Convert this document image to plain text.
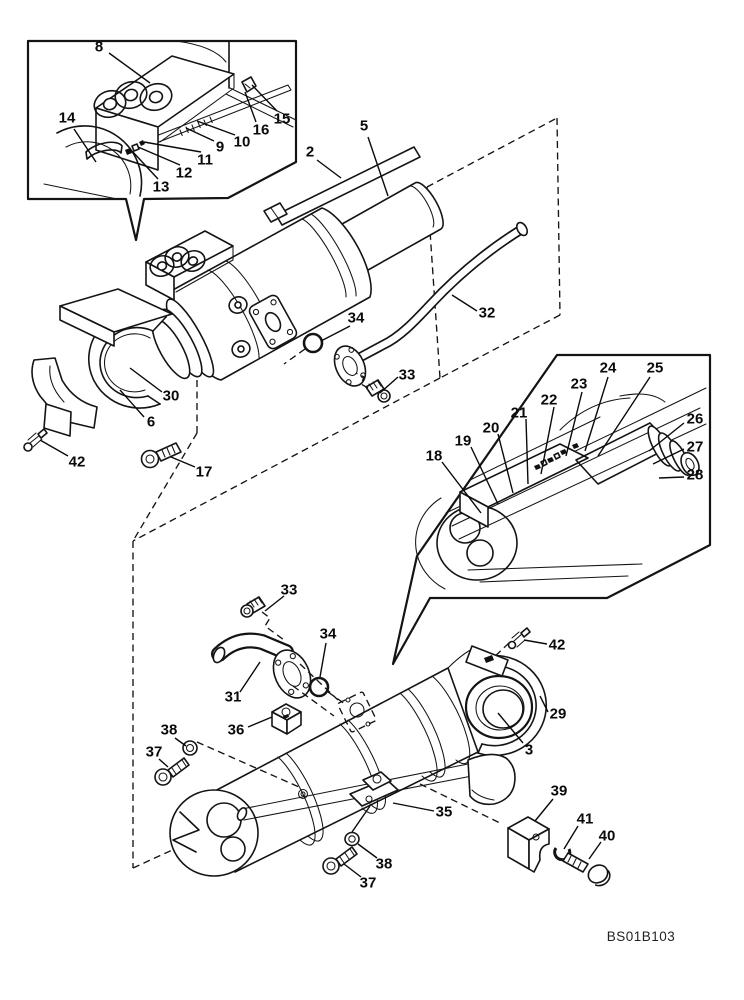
8
14
13
12
11
9 10
16
15
2
5
32
34
33
30
6
42
17
18
19
20
21
22
23
24 25
26
27
28
33
34
31
36
38
37
42
29
3
35
39
41
40
38
37
BS01B103
